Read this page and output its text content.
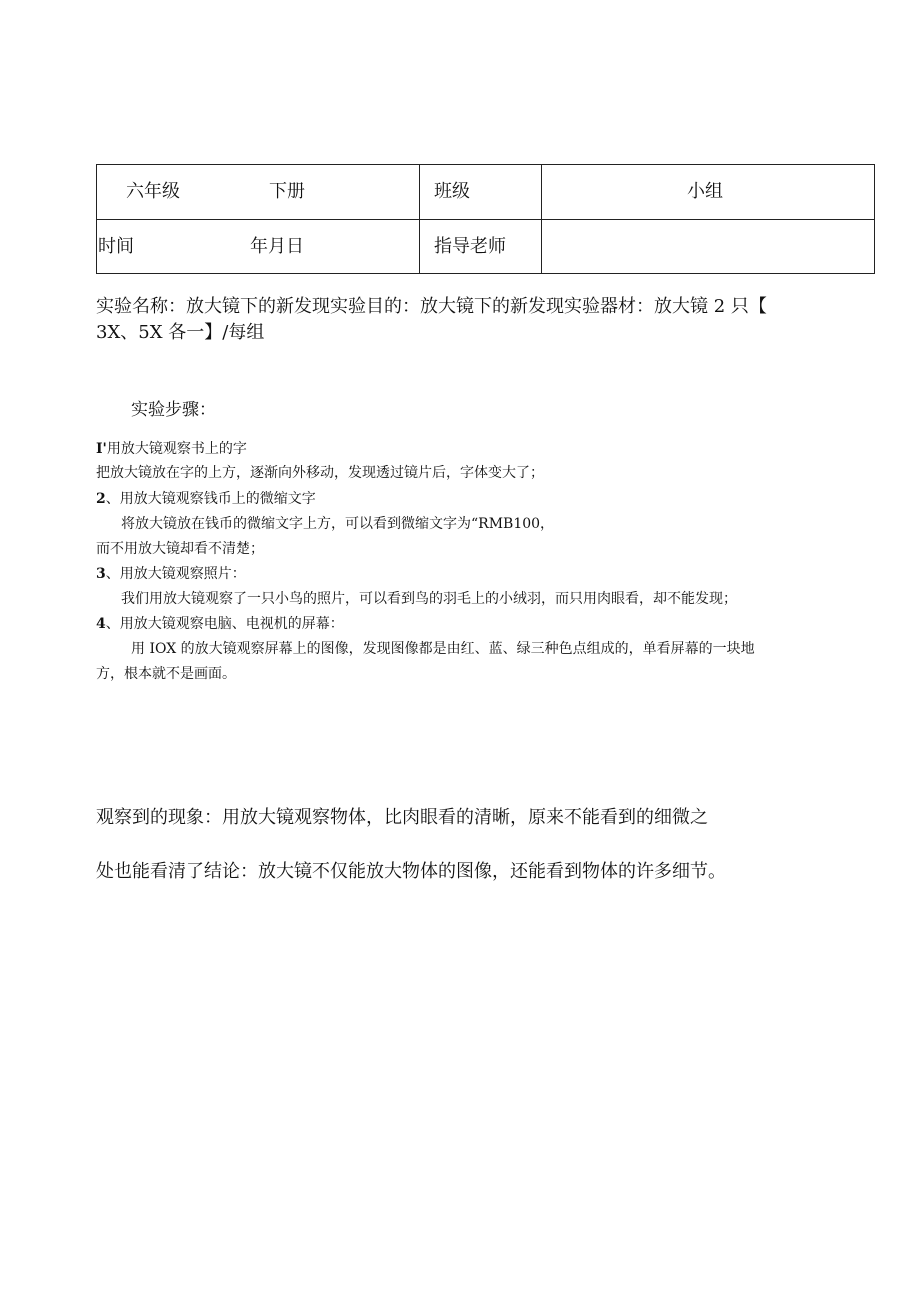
六年级	下册	班级	小组
时间	年月日	指导老师
实验名称：放大镜下的新发现实验目的：放大镜下的新发现实验器材：放大镜 2 只【
3X、5X 各一】/每组
实验步骤：
I'用放大镜观察书上的字
把放大镜放在字的上方，逐渐向外移动，发现透过镜片后，字体变大了；
2、用放大镜观察钱币上的微缩文字
将放大镜放在钱币的微缩文字上方，可以看到微缩文字为“RMB100，
而不用放大镜却看不清楚；
3、用放大镜观察照片：
我们用放大镜观察了一只小鸟的照片，可以看到鸟的羽毛上的小绒羽，而只用肉眼看，却不能发现；
4、用放大镜观察电脑、电视机的屏幕：
用 IOX 的放大镜观察屏幕上的图像，发现图像都是由红、蓝、绿三种色点组成的，单看屏幕的一块地
方，根本就不是画面。
观察到的现象：用放大镜观察物体，比肉眼看的清晰，原来不能看到的细微之
处也能看清了结论：放大镜不仅能放大物体的图像，还能看到物体的许多细节。
